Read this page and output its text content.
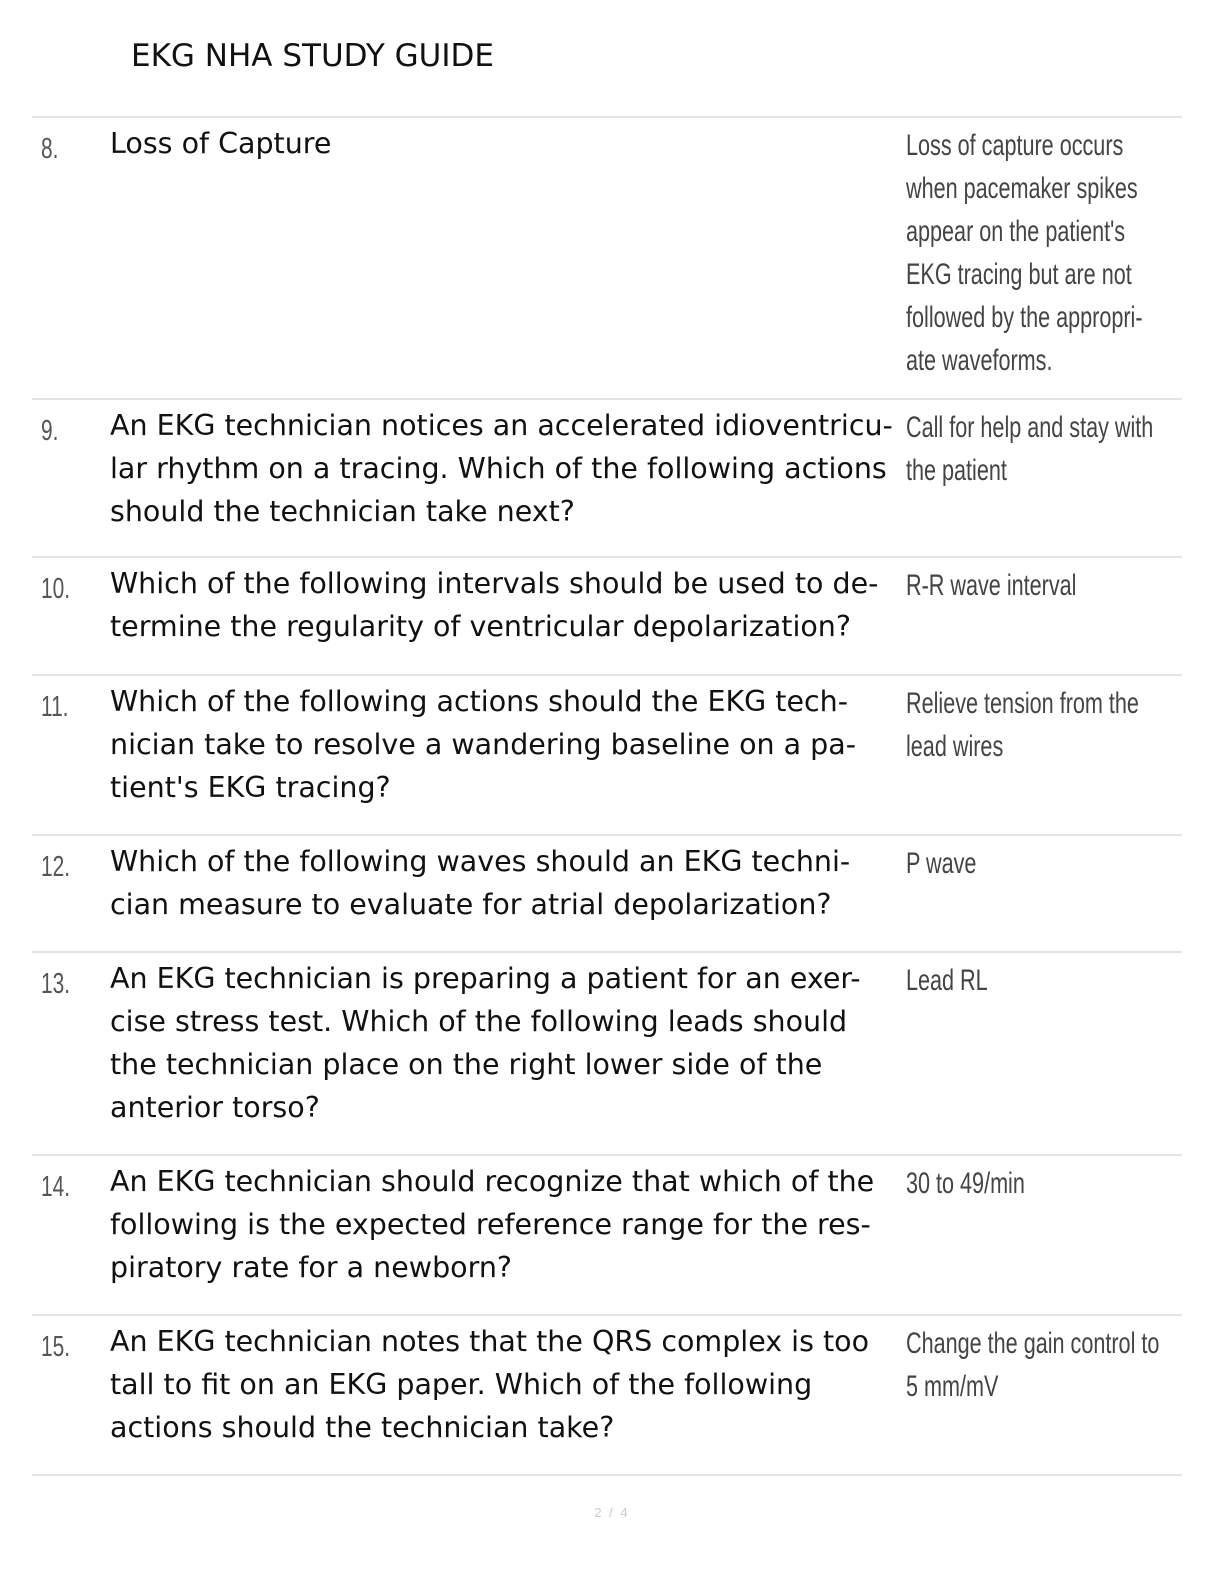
EKG NHA STUDY GUIDE
8. Loss of Capture	Loss of capture occurs
when pacemaker spikes
appear on the patient's
EKG tracing but are not
followed by the appropri-
ate waveforms.
9. An EKG technician notices an accelerated idioventricu-
lar rhythm on a tracing. Which of the following actions
should the technician take next?
Call for help and stay with
the patient
10. Which of the following intervals should be used to de-
termine the regularity of ventricular depolarization?
R-R wave interval
11. Which of the following actions should the EKG tech-
nician take to resolve a wandering baseline on a pa-
tient's EKG tracing?
Relieve tension from the
lead wires
12. Which of the following waves should an EKG techni-
cian measure to evaluate for atrial depolarization?
P wave
13. An EKG technician is preparing a patient for an exer-
cise stress test. Which of the following leads should
the technician place on the right lower side of the
anterior torso?
Lead RL
14. An EKG technician should recognize that which of the
following is the expected reference range for the res-
piratory rate for a newborn?
30 to 49/min
15. An EKG technician notes that the QRS complex is too
tall to fit on an EKG paper. Which of the following
actions should the technician take?
Change the gain control to
5 mm/mV
2 / 4
